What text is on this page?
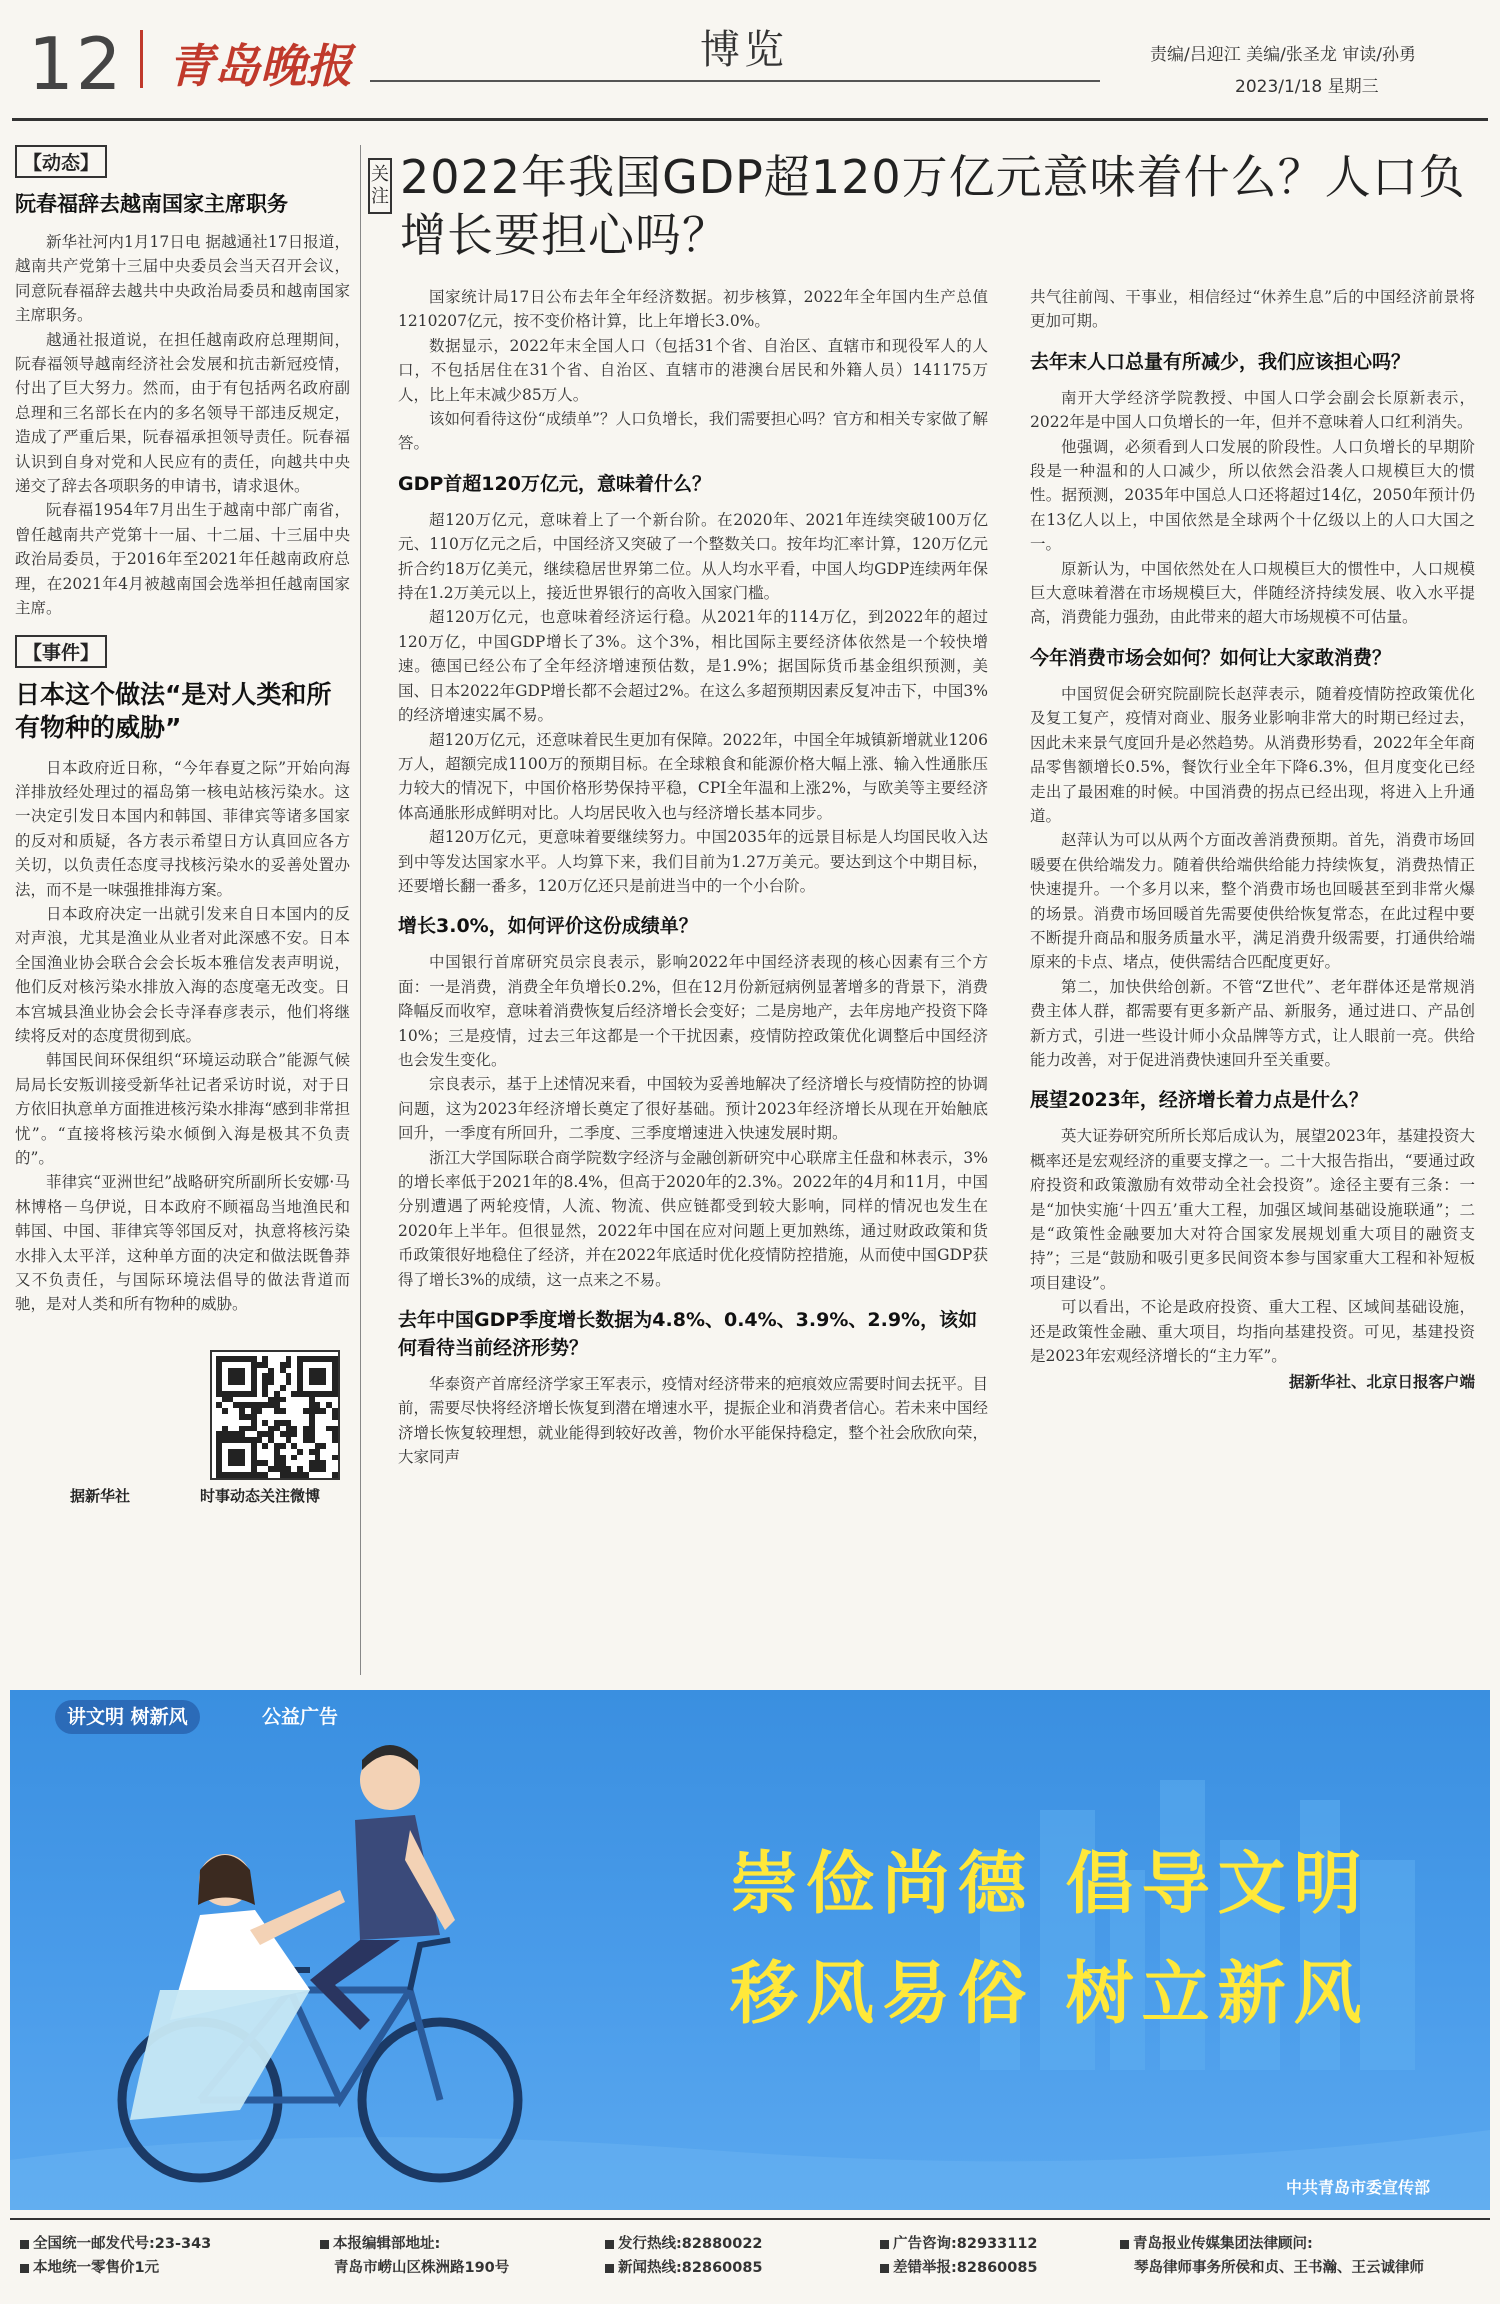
12 青岛晚报	博览	责编/吕迎江 美编/张圣龙 审读/孙勇
2023/1/18 星期三
【动态】
阮春福辞去越南国家主席职务

新华社河内1月17日电 据越通社17日报道，越南共产党第十三届中央委员会当天召开会议，同意阮春福辞去越共中央政治局委员和越南国家主席职务。

越通社报道说，在担任越南政府总理期间，阮春福领导越南经济社会发展和抗击新冠疫情，付出了巨大努力。然而，由于有包括两名政府副总理和三名部长在内的多名领导干部违反规定，造成了严重后果，阮春福承担领导责任。阮春福认识到自身对党和人民应有的责任，向越共中央递交了辞去各项职务的申请书，请求退休。

阮春福1954年7月出生于越南中部广南省，曾任越南共产党第十一届、十二届、十三届中央政治局委员，于2016年至2021年任越南政府总理，在2021年4月被越南国会选举担任越南国家主席。

【事件】
日本这个做法“是对人类和所有物种的威胁”

日本政府近日称，“今年春夏之际”开始向海洋排放经处理过的福岛第一核电站核污染水。这一决定引发日本国内和韩国、菲律宾等诸多国家的反对和质疑，各方表示希望日方认真回应各方关切，以负责任态度寻找核污染水的妥善处置办法，而不是一味强推排海方案。

日本政府决定一出就引发来自日本国内的反对声浪，尤其是渔业从业者对此深感不安。日本全国渔业协会联合会会长坂本雅信发表声明说，他们反对核污染水排放入海的态度毫无改变。日本宫城县渔业协会会长寺泽春彦表示，他们将继续将反对的态度贯彻到底。

韩国民间环保组织“环境运动联合”能源气候局局长安叛训接受新华社记者采访时说，对于日方依旧执意单方面推进核污染水排海“感到非常担忧”。“直接将核污染水倾倒入海是极其不负责的”。

菲律宾“亚洲世纪”战略研究所副所长安娜·马林博格－乌伊说，日本政府不顾福岛当地渔民和韩国、中国、菲律宾等邻国反对，执意将核污染水排入太平洋，这种单方面的决定和做法既鲁莽又不负责任，与国际环境法倡导的做法背道而驰，是对人类和所有物种的威胁。

据新华社	时事动态关注微博
关注 2022年我国GDP超120万亿元意味着什么？人口负增长要担心吗？

国家统计局17日公布去年全年经济数据。初步核算，2022年全年国内生产总值1210207亿元，按不变价格计算，比上年增长3.0%。

数据显示，2022年末全国人口（包括31个省、自治区、直辖市和现役军人的人口，不包括居住在31个省、自治区、直辖市的港澳台居民和外籍人员）141175万人，比上年末减少85万人。

该如何看待这份“成绩单”？人口负增长，我们需要担心吗？官方和相关专家做了解答。

GDP首超120万亿元，意味着什么？

超120万亿元，意味着上了一个新台阶。在2020年、2021年连续突破100万亿元、110万亿元之后，中国经济又突破了一个整数关口。按年均汇率计算，120万亿元折合约18万亿美元，继续稳居世界第二位。从人均水平看，中国人均GDP连续两年保持在1.2万美元以上，接近世界银行的高收入国家门槛。

超120万亿元，也意味着经济运行稳。从2021年的114万亿，到2022年的超过120万亿，中国GDP增长了3%。这个3%，相比国际主要经济体依然是一个较快增速。德国已经公布了全年经济增速预估数，是1.9%；据国际货币基金组织预测，美国、日本2022年GDP增长都不会超过2%。在这么多超预期因素反复冲击下，中国3%的经济增速实属不易。

超120万亿元，还意味着民生更加有保障。2022年，中国全年城镇新增就业1206万人，超额完成1100万的预期目标。在全球粮食和能源价格大幅上涨、输入性通胀压力较大的情况下，中国价格形势保持平稳，CPI全年温和上涨2%，与欧美等主要经济体高通胀形成鲜明对比。人均居民收入也与经济增长基本同步。

超120万亿元，更意味着要继续努力。中国2035年的远景目标是人均国民收入达到中等发达国家水平。人均算下来，我们目前为1.27万美元。要达到这个中期目标，还要增长翻一番多，120万亿还只是前进当中的一个小台阶。

增长3.0%，如何评价这份成绩单？

中国银行首席研究员宗良表示，影响2022年中国经济表现的核心因素有三个方面：一是消费，消费全年负增长0.2%，但在12月份新冠病例显著增多的背景下，消费降幅反而收窄，意味着消费恢复后经济增长会变好；二是房地产，去年房地产投资下降10%；三是疫情，过去三年这都是一个干扰因素，疫情防控政策优化调整后中国经济也会发生变化。

宗良表示，基于上述情况来看，中国较为妥善地解决了经济增长与疫情防控的协调问题，这为2023年经济增长奠定了很好基础。预计2023年经济增长从现在开始触底回升，一季度有所回升，二季度、三季度增速进入快速发展时期。

浙江大学国际联合商学院数字经济与金融创新研究中心联席主任盘和林表示，3%的增长率低于2021年的8.4%，但高于2020年的2.3%。2022年的4月和11月，中国分别遭遇了两轮疫情，人流、物流、供应链都受到较大影响，同样的情况也发生在2020年上半年。但很显然，2022年中国在应对问题上更加熟练，通过财政政策和货币政策很好地稳住了经济，并在2022年底适时优化疫情防控措施，从而使中国GDP获得了增长3%的成绩，这一点来之不易。

去年中国GDP季度增长数据为4.8%、0.4%、3.9%、2.9%，该如何看待当前经济形势？

华泰资产首席经济学家王军表示，疫情对经济带来的疤痕效应需要时间去抚平。目前，需要尽快将经济增长恢复到潜在增速水平，提振企业和消费者信心。若未来中国经济增长恢复较理想，就业能得到较好改善，物价水平能保持稳定，整个社会欣欣向荣，大家同声

共气往前闯、干事业，相信经过“休养生息”后的中国经济前景将更加可期。

去年末人口总量有所减少，我们应该担心吗？

南开大学经济学院教授、中国人口学会副会长原新表示，2022年是中国人口负增长的一年，但并不意味着人口红利消失。

他强调，必须看到人口发展的阶段性。人口负增长的早期阶段是一种温和的人口减少，所以依然会沿袭人口规模巨大的惯性。据预测，2035年中国总人口还将超过14亿，2050年预计仍在13亿人以上，中国依然是全球两个十亿级以上的人口大国之一。

原新认为，中国依然处在人口规模巨大的惯性中，人口规模巨大意味着潜在市场规模巨大，伴随经济持续发展、收入水平提高，消费能力强劲，由此带来的超大市场规模不可估量。

今年消费市场会如何？如何让大家敢消费？

中国贸促会研究院副院长赵萍表示，随着疫情防控政策优化及复工复产，疫情对商业、服务业影响非常大的时期已经过去，因此未来景气度回升是必然趋势。从消费形势看，2022年全年商品零售额增长0.5%，餐饮行业全年下降6.3%，但月度变化已经走出了最困难的时候。中国消费的拐点已经出现，将进入上升通道。

赵萍认为可以从两个方面改善消费预期。首先，消费市场回暖要在供给端发力。随着供给端供给能力持续恢复，消费热情正快速提升。一个多月以来，整个消费市场也回暖甚至到非常火爆的场景。消费市场回暖首先需要使供给恢复常态，在此过程中要不断提升商品和服务质量水平，满足消费升级需要，打通供给端原来的卡点、堵点，使供需结合匹配度更好。

第二，加快供给创新。不管“Z世代”、老年群体还是常规消费主体人群，都需要有更多新产品、新服务，通过进口、产品创新方式，引进一些设计师小众品牌等方式，让人眼前一亮。供给能力改善，对于促进消费快速回升至关重要。

展望2023年，经济增长着力点是什么？

英大证券研究所所长郑后成认为，展望2023年，基建投资大概率还是宏观经济的重要支撑之一。二十大报告指出，“要通过政府投资和政策激励有效带动全社会投资”。途径主要有三条：一是“加快实施‘十四五’重大工程，加强区域间基础设施联通”；二是“政策性金融要加大对符合国家发展规划重大项目的融资支持”；三是“鼓励和吸引更多民间资本参与国家重大工程和补短板项目建设”。

可以看出，不论是政府投资、重大工程、区域间基础设施，还是政策性金融、重大项目，均指向基建投资。可见，基建投资是2023年宏观经济增长的“主力军”。

据新华社、北京日报客户端
讲文明 树新风	公益广告
崇俭尚德 倡导文明
移风易俗 树立新风
中共青岛市委宣传部
全国统一邮发代号:23-343
本地统一零售价1元
本报编辑部地址:
青岛市崂山区株洲路190号
发行热线:82880022
新闻热线:82860085
广告咨询:82933112
差错举报:82860085
青岛报业传媒集团法律顾问:
琴岛律师事务所侯和贞、王书瀚、王云诚律师
